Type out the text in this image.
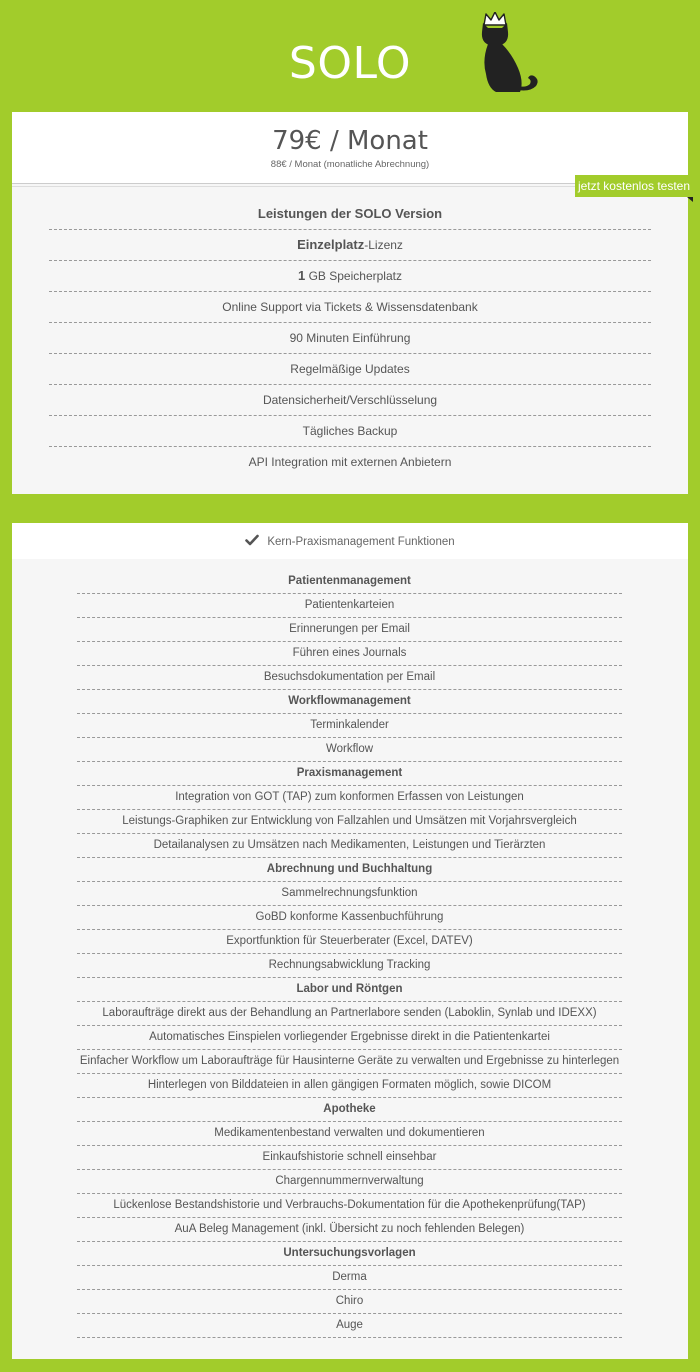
SOLO
79€ / Monat
88€ / Monat (monatliche Abrechnung)
Leistungen der SOLO Version
Einzelplatz-Lizenz
1 GB Speicherplatz
Online Support via Tickets & Wissensdatenbank
90 Minuten Einführung
Regelmäßige Updates
Datensicherheit/Verschlüsselung
Tägliches Backup
API Integration mit externen Anbietern
jetzt kostenlos testen
Kern-Praxismanagement Funktionen
Patientenmanagement
Patientenkarteien
Erinnerungen per Email
Führen eines Journals
Besuchsdokumentation per Email
Workflowmanagement
Terminkalender
Workflow
Praxismanagement
Integration von GOT (TAP) zum konformen Erfassen von Leistungen
Leistungs-Graphiken zur Entwicklung von Fallzahlen und Umsätzen mit Vorjahrsvergleich
Detailanalysen zu Umsätzen nach Medikamenten, Leistungen und Tierärzten
Abrechnung und Buchhaltung
Sammelrechnungsfunktion
GoBD konforme Kassenbuchführung
Exportfunktion für Steuerberater (Excel, DATEV)
Rechnungsabwicklung Tracking
Labor und Röntgen
Laboraufträge direkt aus der Behandlung an Partnerlabore senden (Laboklin, Synlab und IDEXX)
Automatisches Einspielen vorliegender Ergebnisse direkt in die Patientenkartei
Einfacher Workflow um Laboraufträge für Hausinterne Geräte zu verwalten und Ergebnisse zu hinterlegen
Hinterlegen von Bilddateien in allen gängigen Formaten möglich, sowie DICOM
Apotheke
Medikamentenbestand verwalten und dokumentieren
Einkaufshistorie schnell einsehbar
Chargennummernverwaltung
Lückenlose Bestandshistorie und Verbrauchs-Dokumentation für die Apothekenprüfung(TAP)
AuA Beleg Management (inkl. Übersicht zu noch fehlenden Belegen)
Untersuchungsvorlagen
Derma
Chiro
Auge
